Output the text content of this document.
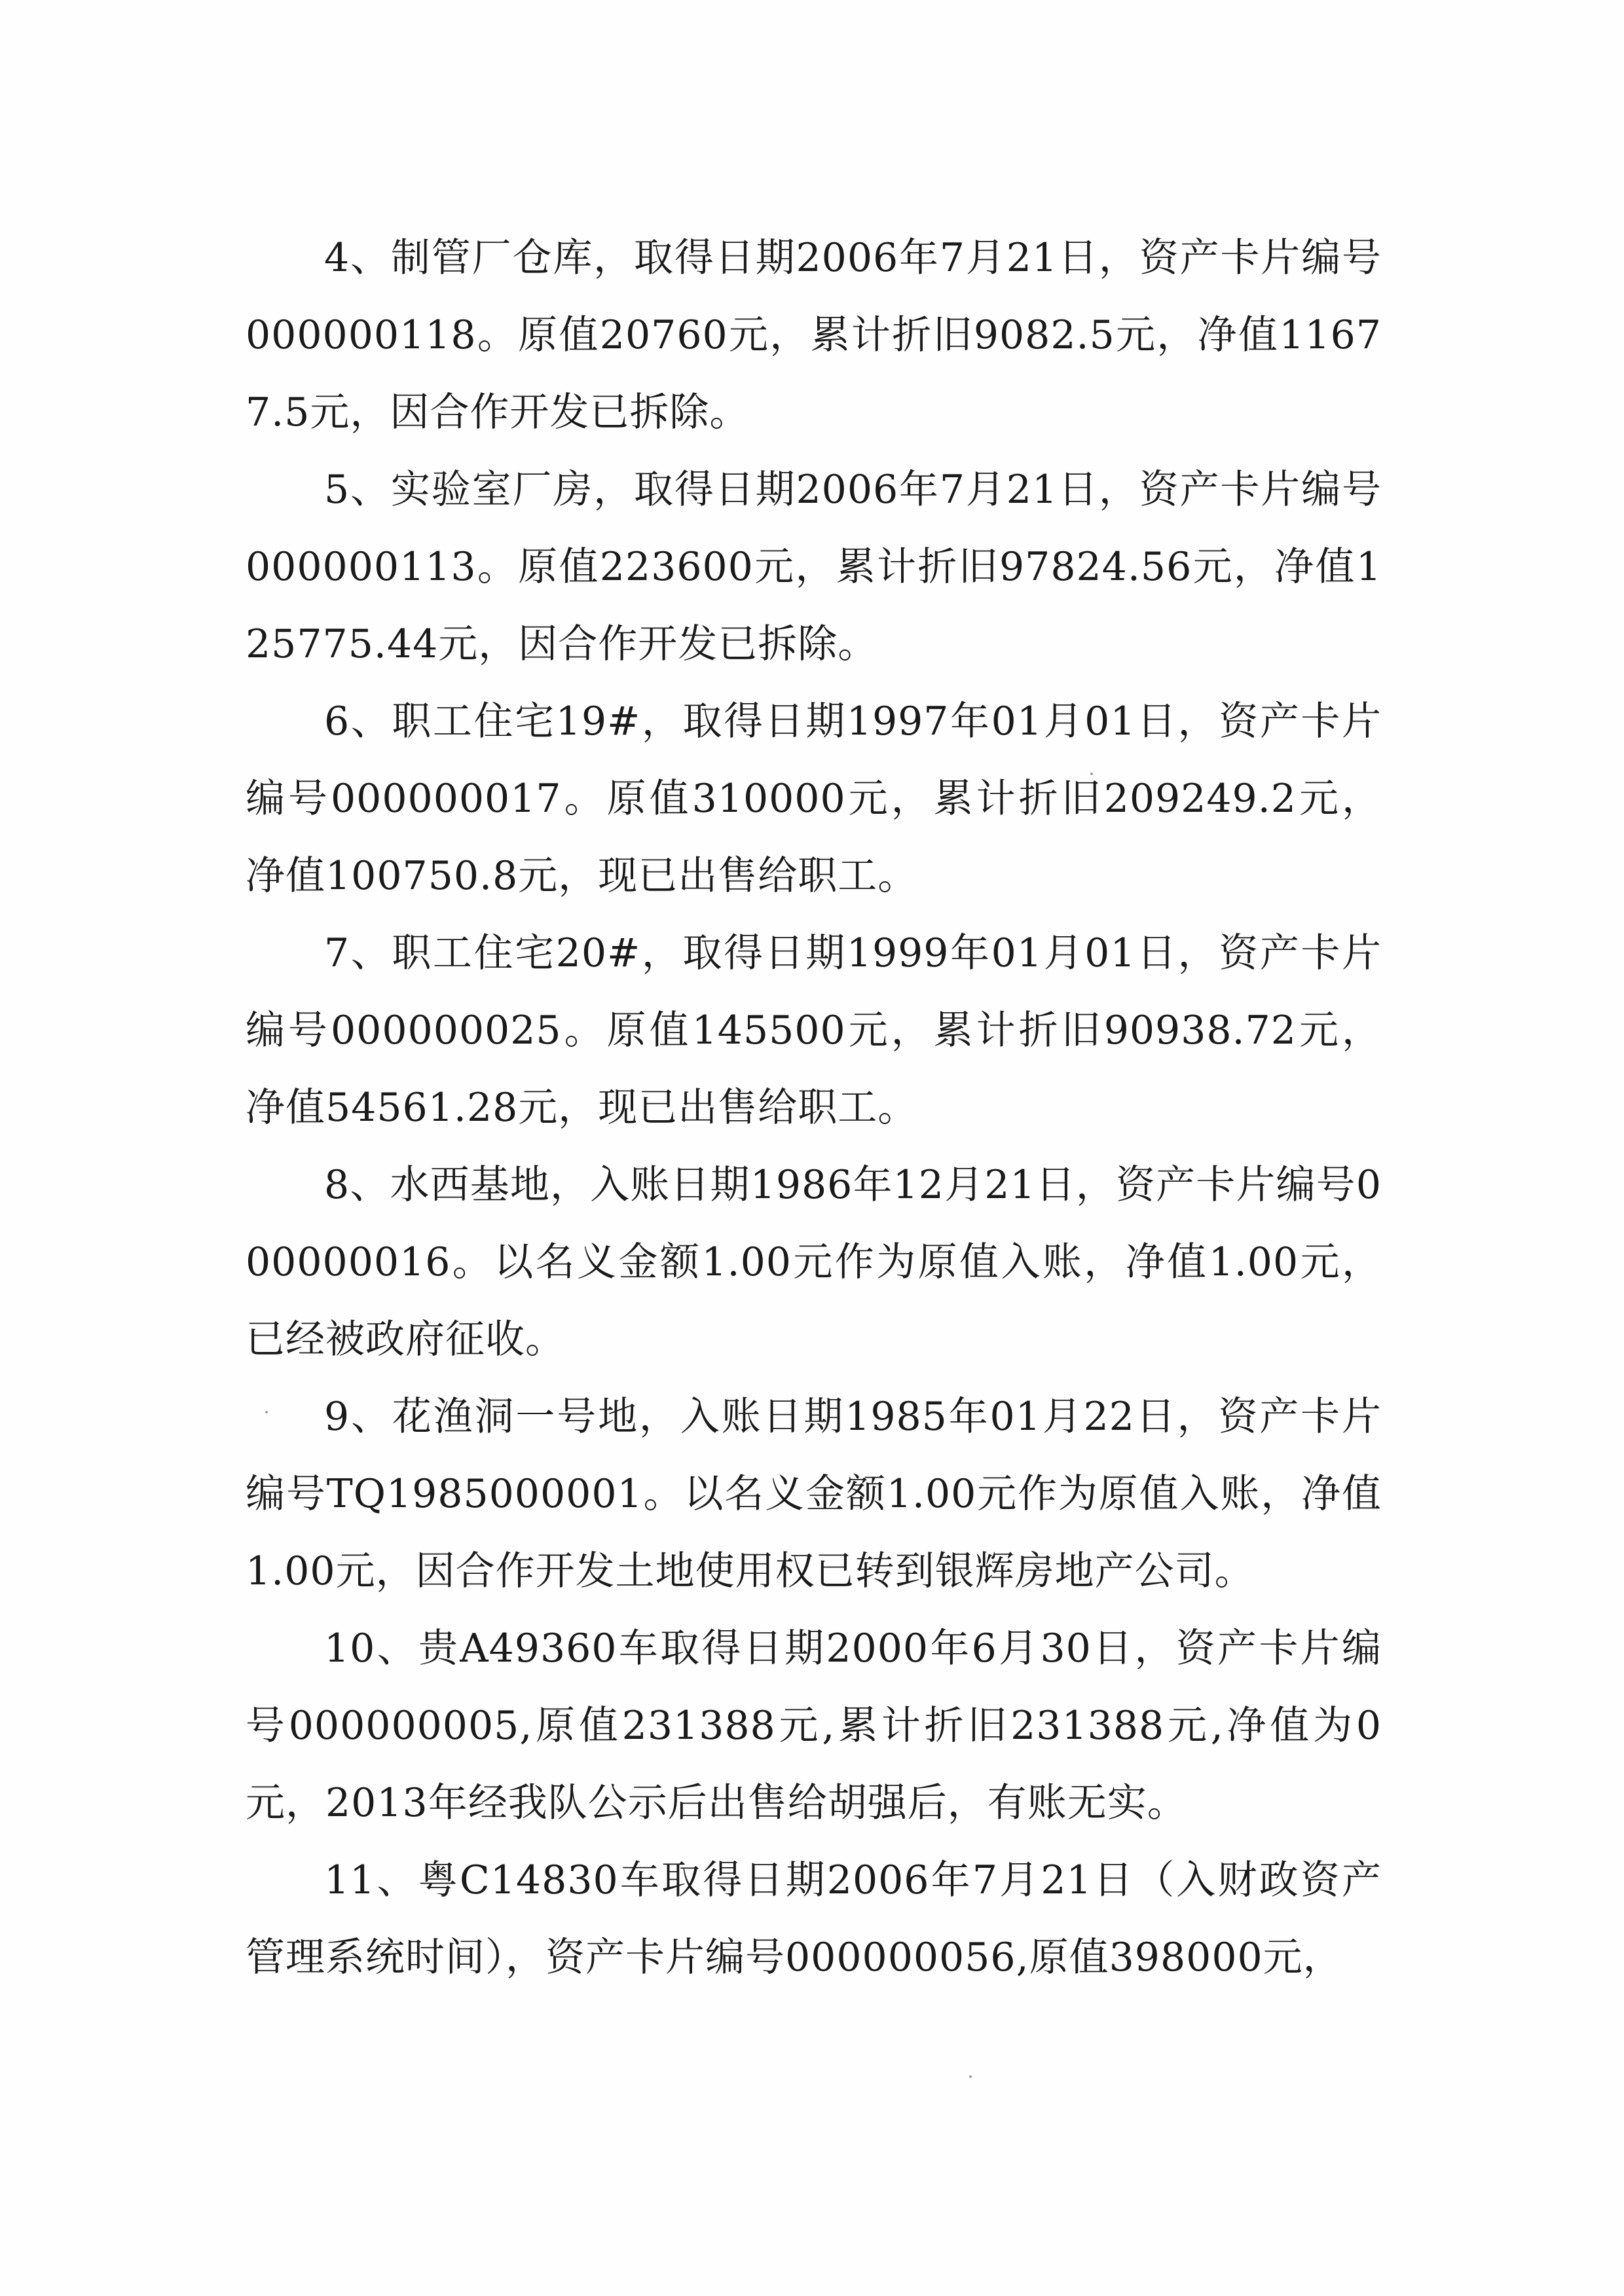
4、制管厂仓库，取得日期2006年7月21日，资产卡片编号000000118。原值20760元，累计折旧9082.5元，净值11677.5元，因合作开发已拆除。

5、实验室厂房，取得日期2006年7月21日，资产卡片编号000000113。原值223600元，累计折旧97824.56元，净值125775.44元，因合作开发已拆除。

6、职工住宅19#，取得日期1997年01月01日，资产卡片编号000000017。原值310000元，累计折旧209249.2元，净值100750.8元，现已出售给职工。

7、职工住宅20#，取得日期1999年01月01日，资产卡片编号000000025。原值145500元，累计折旧90938.72元，净值54561.28元，现已出售给职工。

8、水西基地，入账日期1986年12月21日，资产卡片编号000000016。以名义金额1.00元作为原值入账，净值1.00元，已经被政府征收。

9、花渔洞一号地，入账日期1985年01月22日，资产卡片编号TQ1985000001。以名义金额1.00元作为原值入账，净值1.00元，因合作开发土地使用权已转到银辉房地产公司。

10、贵A49360车取得日期2000年6月30日，资产卡片编号000000005,原值231388元,累计折旧231388元,净值为0元，2013年经我队公示后出售给胡强后，有账无实。

11、粤C14830车取得日期2006年7月21日（入财政资产管理系统时间），资产卡片编号000000056,原值398000元，
